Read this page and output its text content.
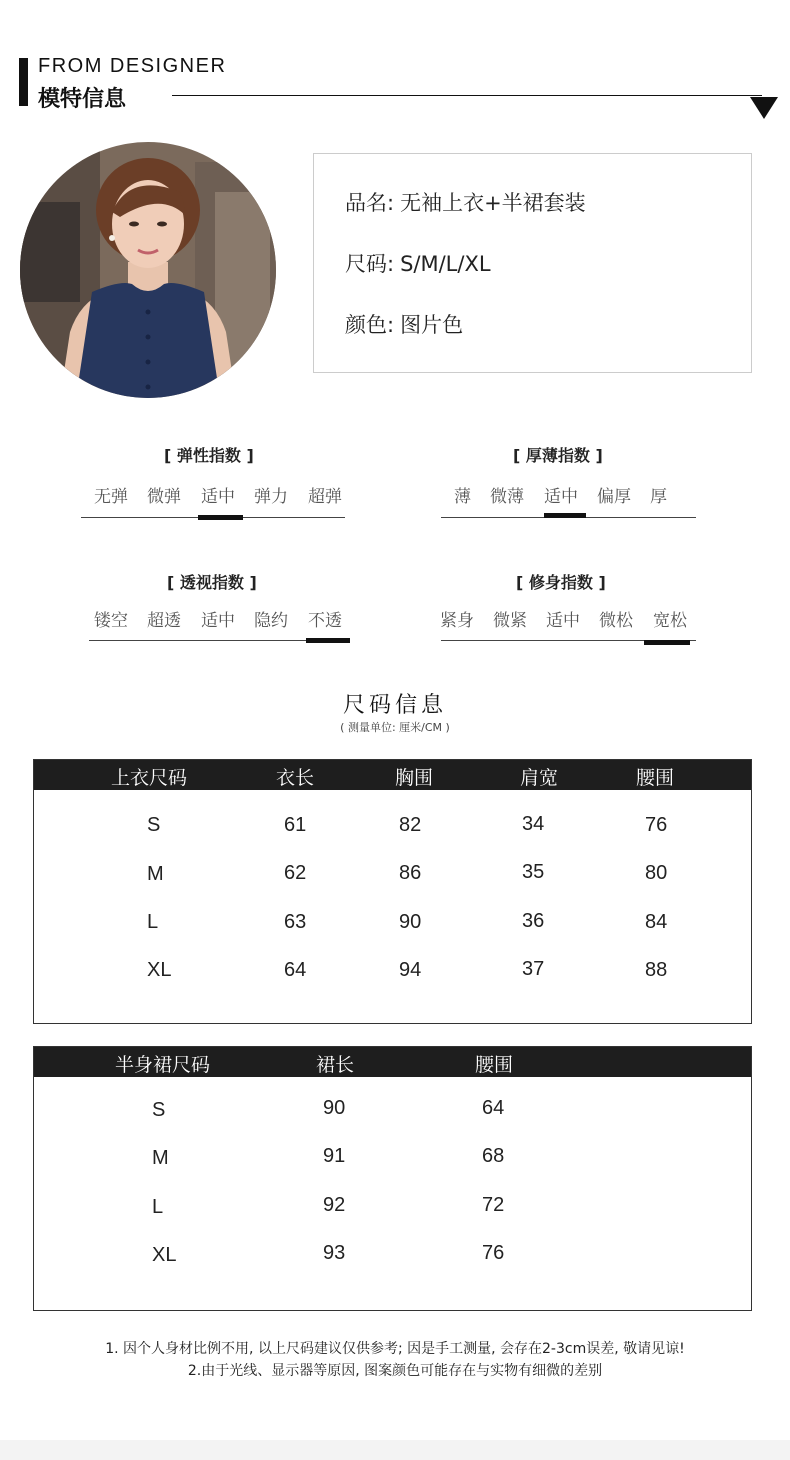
FROM DESIGNER
模特信息
品名: 无袖上衣+半裙套装
尺码: S/M/L/XL
颜色: 图片色
[ 弹性指数 ]
无弹 微弹 适中 弹力 超弹
[ 厚薄指数 ]
薄 微薄 适中 偏厚 厚
[ 透视指数 ]
镂空 超透 适中 隐约 不透
[ 修身指数 ]
紧身 微紧 适中 微松 宽松
尺码信息
( 测量单位: 厘米/CM )
上衣尺码	衣长	胸围	肩宽	腰围
S	61	82	34	76
M	62	86	35	80
L	63	90	36	84
XL	64	94	37	88
半身裙尺码	裙长	腰围
S	90	64
M	91	68
L	92	72
XL	93	76
1. 因个人身材比例不用, 以上尺码建议仅供参考; 因是手工测量, 会存在2-3cm误差, 敬请见谅!
2.由于光线、显示器等原因, 图案颜色可能存在与实物有细微的差别
